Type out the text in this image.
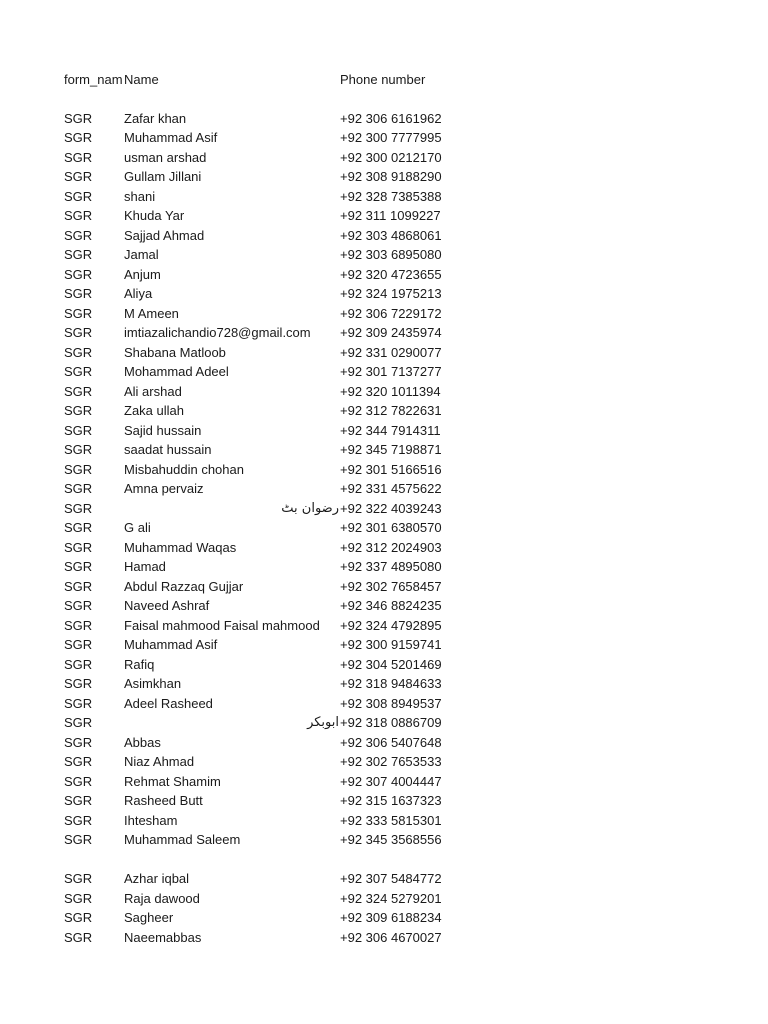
form_nam Name	Phone number
SGR	Zafar khan	+92 306 6161962
SGR	Muhammad Asif	+92 300 7777995
SGR	usman arshad	+92 300 0212170
SGR	Gullam Jillani	+92 308 9188290
SGR	shani	+92 328 7385388
SGR	Khuda Yar	+92 311 1099227
SGR	Sajjad Ahmad	+92 303 4868061
SGR	Jamal	+92 303 6895080
SGR	Anjum	+92 320 4723655
SGR	Aliya	+92 324 1975213
SGR	M Ameen	+92 306 7229172
SGR	imtiazalichandio728@gmail.com	+92 309 2435974
SGR	Shabana Matloob	+92 331 0290077
SGR	Mohammad Adeel	+92 301 7137277
SGR	Ali arshad	+92 320 1011394
SGR	Zaka ullah	+92 312 7822631
SGR	Sajid hussain	+92 344 7914311
SGR	saadat hussain	+92 345 7198871
SGR	Misbahuddin chohan	+92 301 5166516
SGR	Amna pervaiz	+92 331 4575622
SGR	رضوان بٹ +92 322 4039243
SGR	G ali	+92 301 6380570
SGR	Muhammad Waqas	+92 312 2024903
SGR	Hamad	+92 337 4895080
SGR	Abdul Razzaq Gujjar	+92 302 7658457
SGR	Naveed Ashraf	+92 346 8824235
SGR	Faisal mahmood Faisal mahmood	+92 324 4792895
SGR	Muhammad Asif	+92 300 9159741
SGR	Rafiq	+92 304 5201469
SGR	Asimkhan	+92 318 9484633
SGR	Adeel Rasheed	+92 308 8949537
SGR	ابوبکر +92 318 0886709
SGR	Abbas	+92 306 5407648
SGR	Niaz Ahmad	+92 302 7653533
SGR	Rehmat Shamim	+92 307 4004447
SGR	Rasheed Butt	+92 315 1637323
SGR	Ihtesham	+92 333 5815301
SGR	Muhammad Saleem	+92 345 3568556
SGR	Azhar iqbal	+92 307 5484772
SGR	Raja dawood	+92 324 5279201
SGR	Sagheer	+92 309 6188234
SGR	Naeemabbas	+92 306 4670027
